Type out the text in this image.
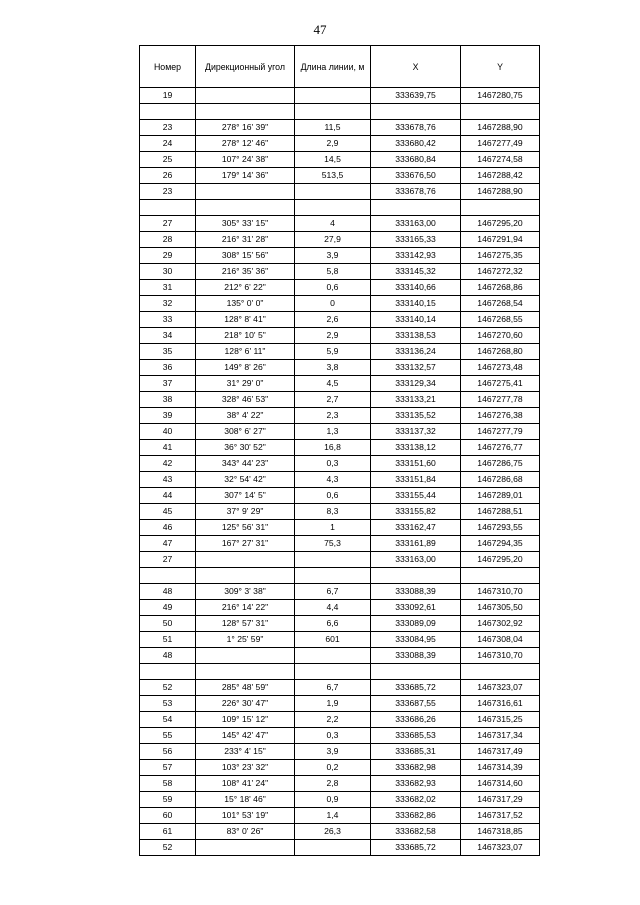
47
Номер	Дирекционный угол	Длина линии, м	X	Y
19			333639,75	1467280,75

23	278° 16' 39"	11,5	333678,76	1467288,90
24	278° 12' 46"	2,9	333680,42	1467277,49
25	107° 24' 38"	14,5	333680,84	1467274,58
26	179° 14' 36"	513,5	333676,50	1467288,42
23			333678,76	1467288,90

27	305° 33' 15"	4	333163,00	1467295,20
28	216° 31' 28"	27,9	333165,33	1467291,94
29	308° 15' 56"	3,9	333142,93	1467275,35
30	216° 35' 36"	5,8	333145,32	1467272,32
31	212° 6' 22"	0,6	333140,66	1467268,86
32	135° 0' 0"	0	333140,15	1467268,54
33	128° 8' 41"	2,6	333140,14	1467268,55
34	218° 10' 5"	2,9	333138,53	1467270,60
35	128° 6' 11"	5,9	333136,24	1467268,80
36	149° 8' 26"	3,8	333132,57	1467273,48
37	31° 29' 0"	4,5	333129,34	1467275,41
38	328° 46' 53"	2,7	333133,21	1467277,78
39	38° 4' 22"	2,3	333135,52	1467276,38
40	308° 6' 27"	1,3	333137,32	1467277,79
41	36° 30' 52"	16,8	333138,12	1467276,77
42	343° 44' 23"	0,3	333151,60	1467286,75
43	32° 54' 42"	4,3	333151,84	1467286,68
44	307° 14' 5"	0,6	333155,44	1467289,01
45	37° 9' 29"	8,3	333155,82	1467288,51
46	125° 56' 31"	1	333162,47	1467293,55
47	167° 27' 31"	75,3	333161,89	1467294,35
27			333163,00	1467295,20

48	309° 3' 38"	6,7	333088,39	1467310,70
49	216° 14' 22"	4,4	333092,61	1467305,50
50	128° 57' 31"	6,6	333089,09	1467302,92
51	1° 25' 59"	601	333084,95	1467308,04
48			333088,39	1467310,70

52	285° 48' 59"	6,7	333685,72	1467323,07
53	226° 30' 47"	1,9	333687,55	1467316,61
54	109° 15' 12"	2,2	333686,26	1467315,25
55	145° 42' 47"	0,3	333685,53	1467317,34
56	233° 4' 15"	3,9	333685,31	1467317,49
57	103° 23' 32"	0,2	333682,98	1467314,39
58	108° 41' 24"	2,8	333682,93	1467314,60
59	15° 18' 46"	0,9	333682,02	1467317,29
60	101° 53' 19"	1,4	333682,86	1467317,52
61	83° 0' 26"	26,3	333682,58	1467318,85
52			333685,72	1467323,07
